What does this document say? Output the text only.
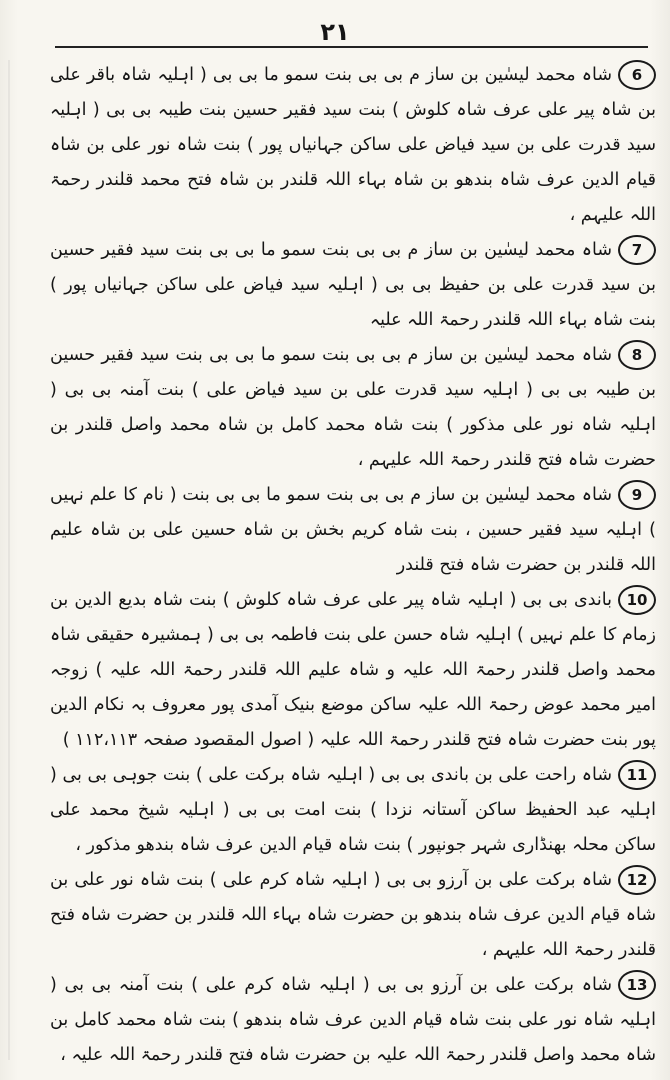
۲۱

6شاہ محمد لیسٰین بن ساز م بی بی بنت سمو ما بی بی ( اہلیہ شاہ باقر علی بن شاہ پیر علی عرف شاہ کلوش ) بنت سید فقیر حسین بنت طیبہ بی بی ( اہلیہ سید قدرت علی بن سید فیاض علی ساکن جہانیاں پور ) بنت شاہ نور علی بن شاہ قیام الدین عرف شاہ بندھو بن شاہ بہاء اللہ قلندر بن شاہ فتح محمد قلندر رحمۃ اللہ علیہم ،

7شاہ محمد لیسٰین بن ساز م بی بی بنت سمو ما بی بی بنت سید فقیر حسین بن سید قدرت علی بن حفیظ بی بی ( اہلیہ سید فیاض علی ساکن جہانیاں پور ) بنت شاہ بہاء اللہ قلندر رحمۃ اللہ علیہ

8شاہ محمد لیسٰین بن ساز م بی بی بنت سمو ما بی بی بنت سید فقیر حسین بن طیبہ بی بی ( اہلیہ سید قدرت علی بن سید فیاض علی ) بنت آمنہ بی بی ( اہلیہ شاہ نور علی مذکور ) بنت شاہ محمد کامل بن شاہ محمد واصل قلندر بن حضرت شاہ فتح قلندر رحمۃ اللہ علیہم ،

9شاہ محمد لیسٰین بن ساز م بی بی بنت سمو ما بی بی بنت ( نام کا علم نہیں ) اہلیہ سید فقیر حسین ، بنت شاہ کریم بخش بن شاہ حسین علی بن شاہ علیم اللہ قلندر بن حضرت شاہ فتح قلندر

10باندی بی بی ( اہلیہ شاہ پیر علی عرف شاہ کلوش ) بنت شاہ بدیع الدین بن زمام کا علم نہیں ) اہلیہ شاہ حسن علی بنت فاطمہ بی بی ( ہمشیرہ حقیقی شاہ محمد واصل قلندر رحمۃ اللہ علیہ و شاہ علیم اللہ قلندر رحمۃ اللہ علیہ ) زوجہ امیر محمد عوض رحمۃ اللہ علیہ ساکن موضع بنیک آمدی پور معروف بہ نکام الدین پور بنت حضرت شاہ فتح قلندر رحمۃ اللہ علیہ ( اصول المقصود صفحہ ۱۱۲،۱۱۳ )

11شاہ راحت علی بن باندی بی بی ( اہلیہ شاہ برکت علی ) بنت جوہی بی بی ( اہلیہ عبد الحفیظ ساکن آستانہ نزدا ) بنت امت بی بی ( اہلیہ شیخ محمد علی ساکن محلہ بھنڈاری شہر جونپور ) بنت شاہ قیام الدین عرف شاہ بندھو مذکور ،

12شاہ برکت علی بن آرزو بی بی ( اہلیہ شاہ کرم علی ) بنت شاہ نور علی بن شاہ قیام الدین عرف شاہ بندھو بن حضرت شاہ بہاء اللہ قلندر بن حضرت شاہ فتح قلندر رحمۃ اللہ علیہم ،

13شاہ برکت علی بن آرزو بی بی ( اہلیہ شاہ کرم علی ) بنت آمنہ بی بی ( اہلیہ شاہ نور علی بنت شاہ قیام الدین عرف شاہ بندھو ) بنت شاہ محمد کامل بن شاہ محمد واصل قلندر رحمۃ اللہ علیہ بن حضرت شاہ فتح قلندر رحمۃ اللہ علیہ ،
